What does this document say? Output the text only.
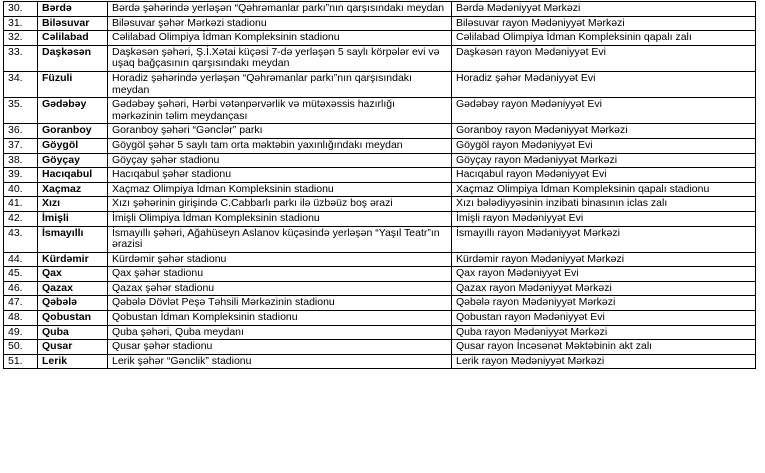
30.	Bərdə	Bərdə şəhərində yerləşən “Qəhrəmanlar parkı”nın qarşısındakı meydan	Bərdə Mədəniyyət Mərkəzi
31.	Biləsuvar	Biləsuvar şəhər Mərkəzi stadionu	Biləsuvar rayon Mədəniyyət Mərkəzi
32.	Cəlilabad	Cəlilabad Olimpiya İdman Kompleksinin stadionu	Cəlilabad Olimpiya İdman Kompleksinin qapalı zalı
33.	Daşkəsən	Daşkəsən şəhəri, Ş.İ.Xətai küçəsi 7-də yerləşən 5 saylı körpələr evi və uşaq bağçasının qarşısındakı meydan	Daşkəsən rayon Mədəniyyət Evi
34.	Füzuli	Horadiz şəhərində yerləşən “Qəhrəmanlar parkı”nın qarşısındakı meydan	Horadiz şəhər Mədəniyyət Evi
35.	Gədəbəy	Gədəbəy şəhəri, Hərbi vətənpərvərlik və mütəxəssis hazırlığı mərkəzinin təlim meydançası	Gədəbəy rayon Mədəniyyət Evi
36.	Goranboy	Goranboy şəhəri “Gənclər” parkı	Goranboy rayon Mədəniyyət Mərkəzi
37.	Göygöl	Göygöl şəhər 5 saylı tam orta məktəbin yaxınlığındakı meydan	Göygöl rayon Mədəniyyət Evi
38.	Göyçay	Göyçay şəhər stadionu	Göyçay rayon Mədəniyyət Mərkəzi
39.	Hacıqabul	Hacıqabul şəhər stadionu	Hacıqabul rayon Mədəniyyət Evi
40.	Xaçmaz	Xaçmaz Olimpiya İdman Kompleksinin stadionu	Xaçmaz Olimpiya İdman Kompleksinin qapalı stadionu
41.	Xızı	Xızı şəhərinin girişində C.Cabbarlı parkı ilə üzbəüz boş ərazi	Xızı bələdiyyəsinin inzibati binasının iclas zalı
42.	İmişli	İmişli Olimpiya İdman Kompleksinin stadionu	İmişli rayon Mədəniyyət Evi
43.	İsmayıllı	İsmayıllı şəhəri, Ağahüseyn Aslanov küçəsində yerləşən “Yaşıl Teatr”ın ərazisi	İsmayıllı rayon Mədəniyyət Mərkəzi
44.	Kürdəmir	Kürdəmir şəhər stadionu	Kürdəmir rayon Mədəniyyət Mərkəzi
45.	Qax	Qax şəhər stadionu	Qax rayon Mədəniyyət Evi
46.	Qazax	Qazax şəhər stadionu	Qazax rayon Mədəniyyət Mərkəzi
47.	Qəbələ	Qəbələ Dövlət Peşə Təhsili Mərkəzinin stadionu	Qəbələ rayon Mədəniyyət Mərkəzi
48.	Qobustan	Qobustan İdman Kompleksinin stadionu	Qobustan rayon Mədəniyyət Evi
49.	Quba	Quba şəhəri, Quba meydanı	Quba rayon Mədəniyyət Mərkəzi
50.	Qusar	Qusar şəhər stadionu	Qusar rayon İncəsənət Məktəbinin akt zalı
51.	Lerik	Lerik şəhər “Gənclik” stadionu	Lerik rayon Mədəniyyət Mərkəzi
